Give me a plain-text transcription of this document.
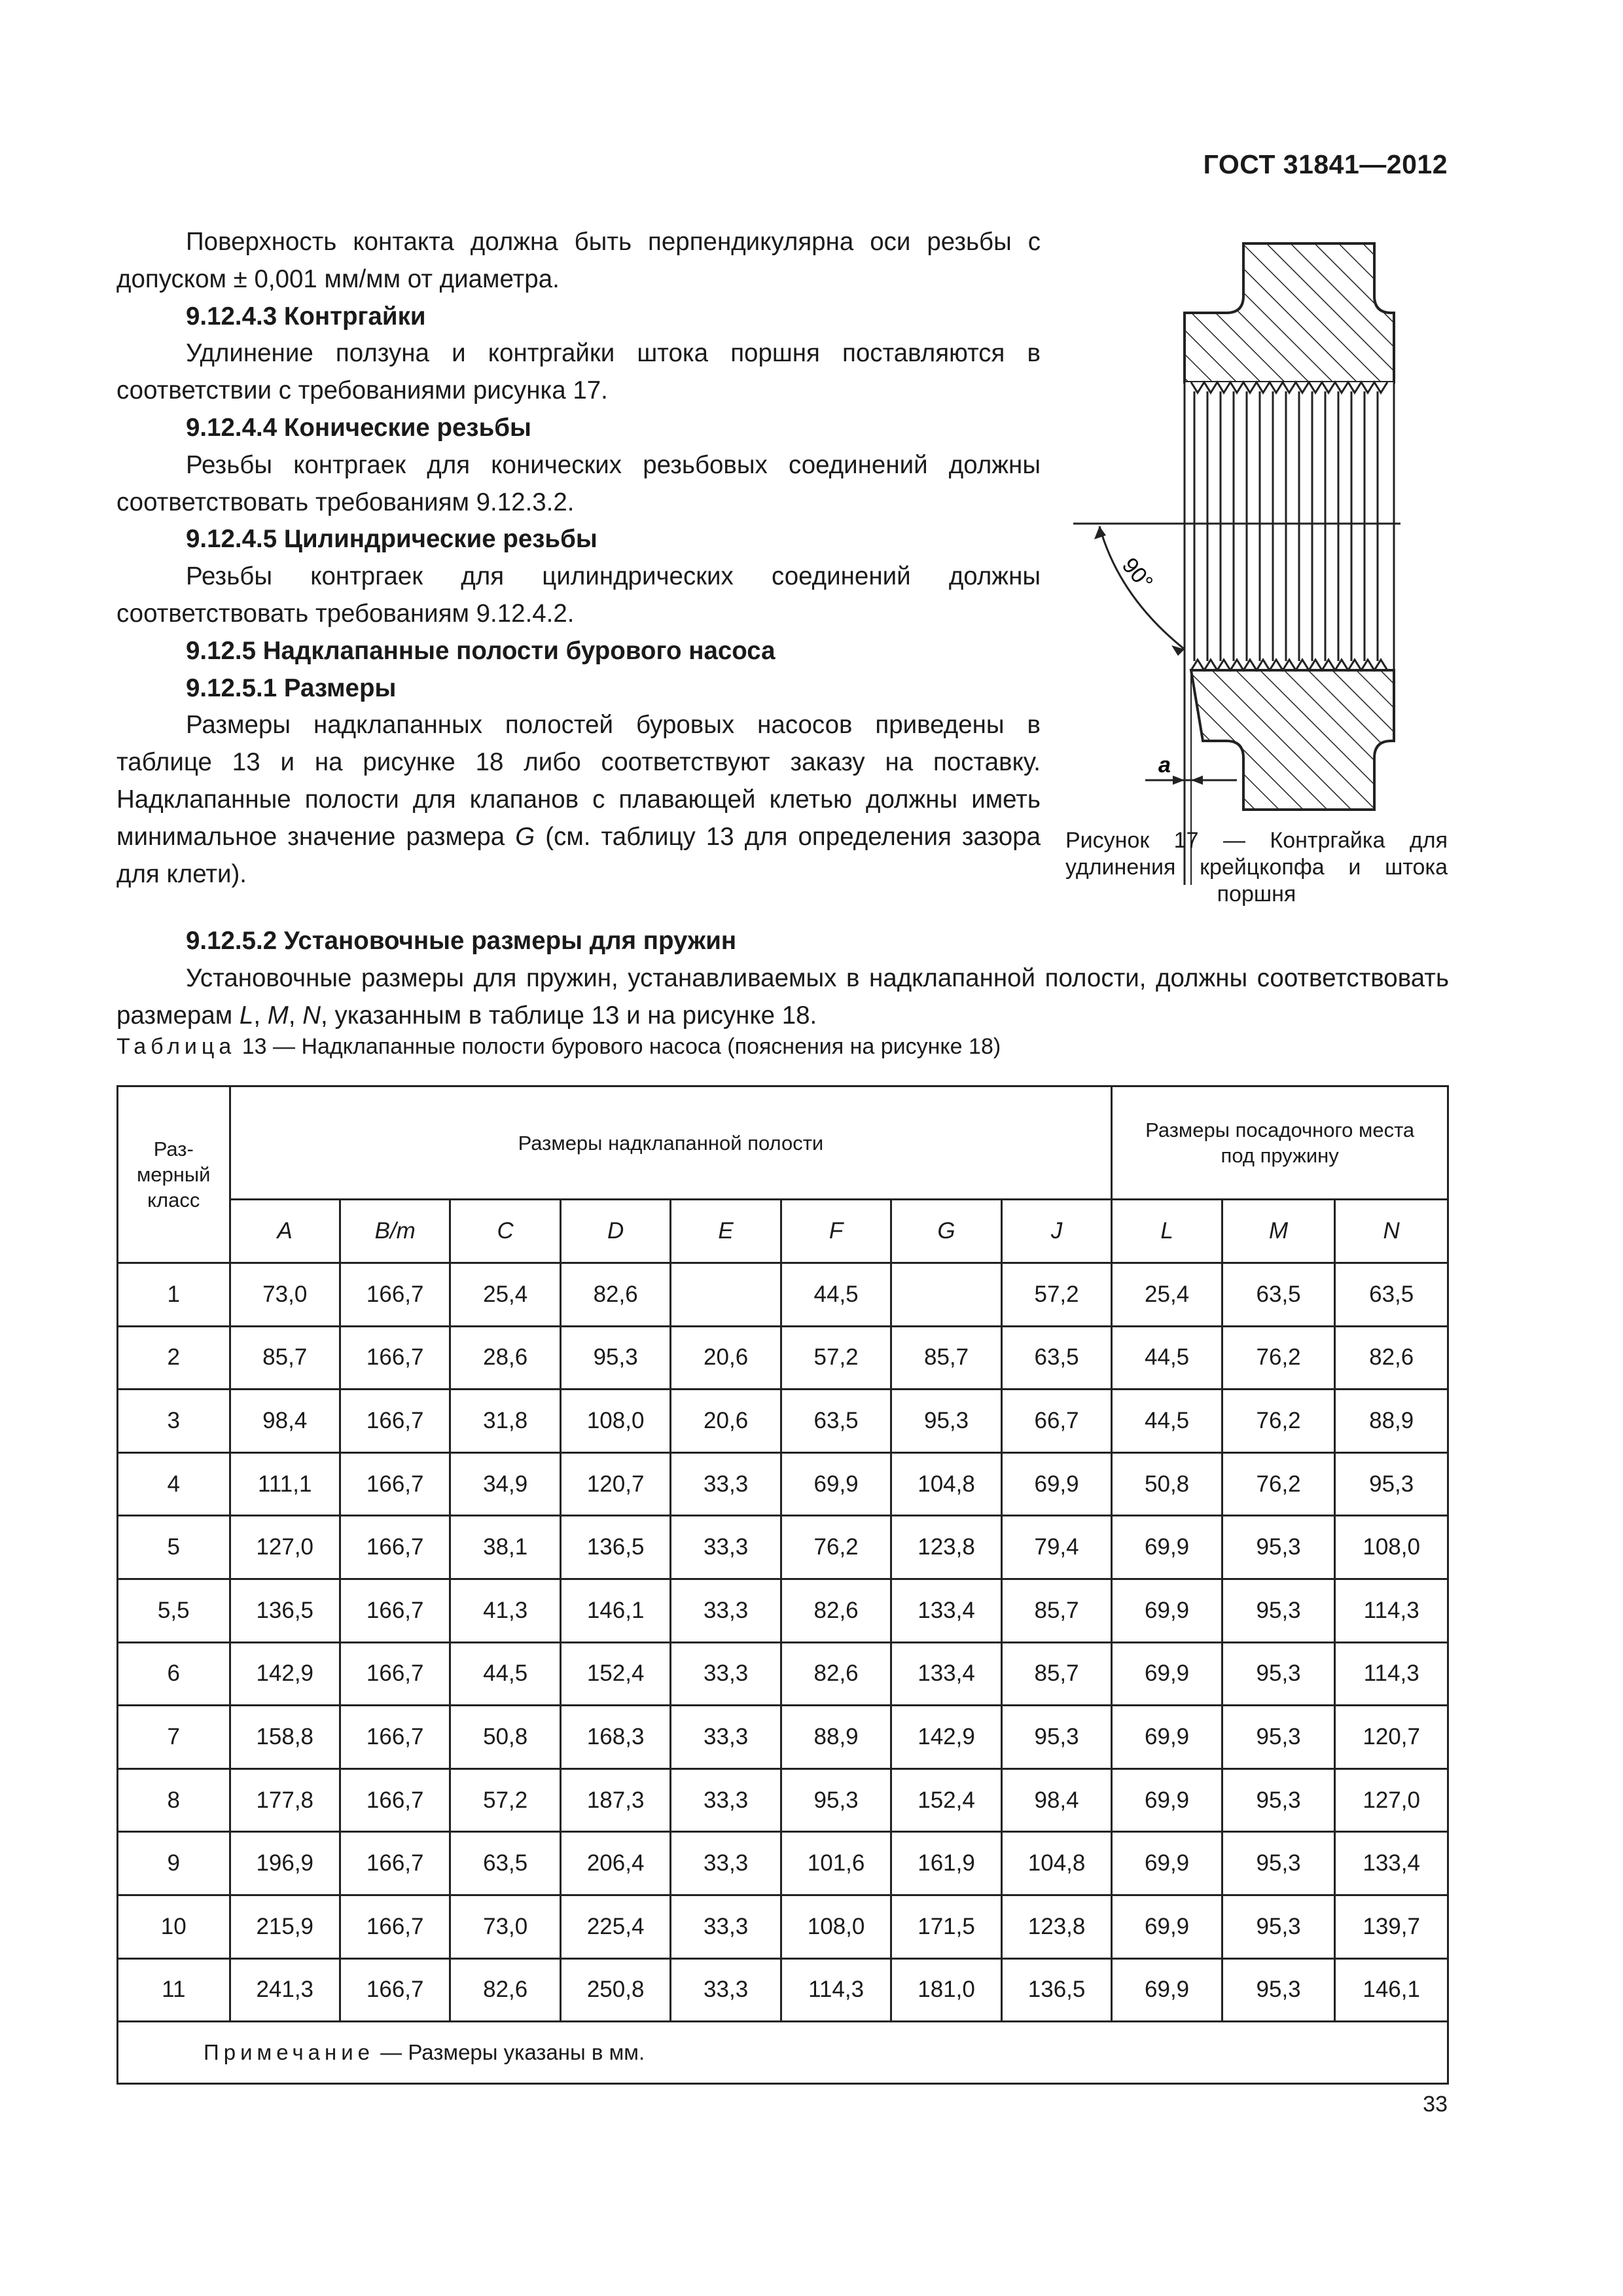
ГОСТ 31841—2012

Поверхность контакта должна быть перпендикулярна оси резьбы с допуском ± 0,001 мм/мм от диаметра.

9.12.4.3 Контргайки

Удлинение ползуна и контргайки штока поршня поставляются в соответствии с требованиями рисунка 17.

9.12.4.4 Конические резьбы

Резьбы контргаек для конических резьбовых соединений должны соответствовать требованиям 9.12.3.2.

9.12.4.5 Цилиндрические резьбы

Резьбы контргаек для цилиндрических соединений должны соответствовать требованиям 9.12.4.2.

9.12.5 Надклапанные полости бурового насоса

9.12.5.1 Размеры

Размеры надклапанных полостей буровых насосов приведены в таблице 13 и на рисунке 18 либо соответствуют заказу на поставку. Надклапанные полости для клапанов с плавающей клетью должны иметь минимальное значение размера G (см. таблицу 13 для определения зазора для клети).

9.12.5.2 Установочные размеры для пружин

Установочные размеры для пружин, устанавливаемых в надклапанной полости, должны соответствовать размерам L, M, N, указанным в таблице 13 и на рисунке 18.

90°
a
Рисунок 17 — Контргайка для
удлинения крейцкопфа и штока
поршня
Таблица 13 — Надклапанные полости бурового насоса (пояснения на рисунке 18)
Раз-
мерный
класс	Размеры надклапанной полости								Размеры посадочного места под пружину		
	A	B/m	C	D	E	F	G	J	L	M	N
1	73,0	166,7	25,4	82,6		44,5		57,2	25,4	63,5	63,5
2	85,7	166,7	28,6	95,3	20,6	57,2	85,7	63,5	44,5	76,2	82,6
3	98,4	166,7	31,8	108,0	20,6	63,5	95,3	66,7	44,5	76,2	88,9
4	111,1	166,7	34,9	120,7	33,3	69,9	104,8	69,9	50,8	76,2	95,3
5	127,0	166,7	38,1	136,5	33,3	76,2	123,8	79,4	69,9	95,3	108,0
5,5	136,5	166,7	41,3	146,1	33,3	82,6	133,4	85,7	69,9	95,3	114,3
6	142,9	166,7	44,5	152,4	33,3	82,6	133,4	85,7	69,9	95,3	114,3
7	158,8	166,7	50,8	168,3	33,3	88,9	142,9	95,3	69,9	95,3	120,7
8	177,8	166,7	57,2	187,3	33,3	95,3	152,4	98,4	69,9	95,3	127,0
9	196,9	166,7	63,5	206,4	33,3	101,6	161,9	104,8	69,9	95,3	133,4
10	215,9	166,7	73,0	225,4	33,3	108,0	171,5	123,8	69,9	95,3	139,7
11	241,3	166,7	82,6	250,8	33,3	114,3	181,0	136,5	69,9	95,3	146,1
Примечание — Размеры указаны в мм.											
33
